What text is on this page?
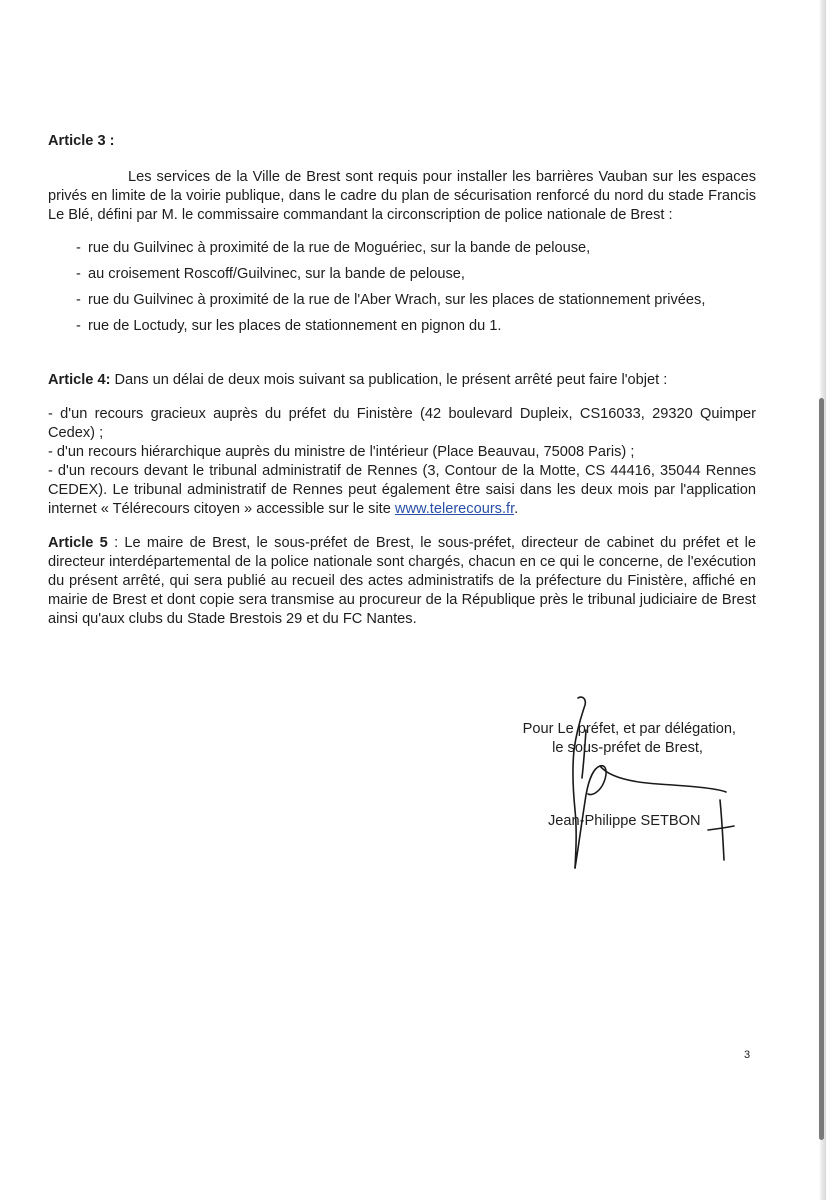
Article 3 :

Les services de la Ville de Brest sont requis pour installer les barrières Vauban sur les espaces privés en limite de la voirie publique, dans le cadre du plan de sécurisation renforcé du nord du stade Francis Le Blé, défini par M. le commissaire commandant la circonscription de police nationale de Brest :

- rue du Guilvinec à proximité de la rue de Moguériec, sur la bande de pelouse,
- au croisement Roscoff/Guilvinec, sur la bande de pelouse,
- rue du Guilvinec à proximité de la rue de l'Aber Wrach, sur les places de stationnement privées,
- rue de Loctudy, sur les places de stationnement en pignon du 1.

Article 4: Dans un délai de deux mois suivant sa publication, le présent arrêté peut faire l'objet :

- d'un recours gracieux auprès du préfet du Finistère (42 boulevard Dupleix, CS16033, 29320 Quimper Cedex) ;

- d'un recours hiérarchique auprès du ministre de l'intérieur (Place Beauvau, 75008 Paris) ;

- d'un recours devant le tribunal administratif de Rennes (3, Contour de la Motte, CS 44416, 35044 Rennes CEDEX). Le tribunal administratif de Rennes peut également être saisi dans les deux mois par l'application internet « Télérecours citoyen » accessible sur le site www.telerecours.fr.

Article 5 : Le maire de Brest, le sous-préfet de Brest, le sous-préfet, directeur de cabinet du préfet et le directeur interdépartemental de la police nationale sont chargés, chacun en ce qui le concerne, de l'exécution du présent arrêté, qui sera publié au recueil des actes administratifs de la préfecture du Finistère, affiché en mairie de Brest et dont copie sera transmise au procureur de la République près le tribunal judiciaire de Brest ainsi qu'aux clubs du Stade Brestois 29 et du FC Nantes.

Pour Le préfet, et par délégation,
le sous-préfet de Brest,
Jean-Philippe SETBON
3
